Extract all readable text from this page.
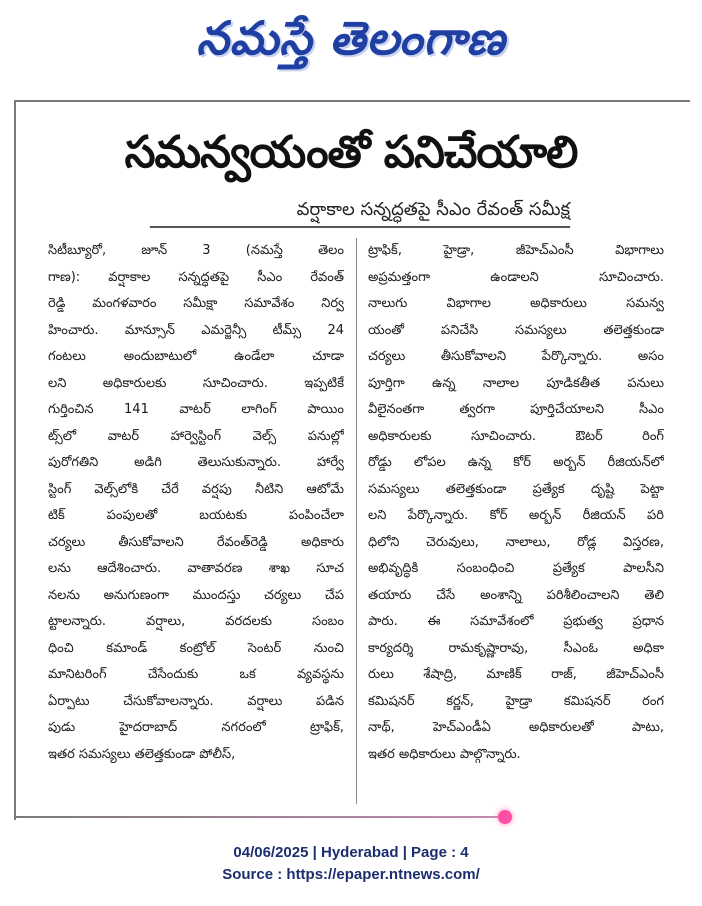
నమస్తే తెలంగాణ
సమన్వయంతో పనిచేయాలి
వర్షాకాల సన్నద్ధతపై సీఎం రేవంత్ సమీక్ష
సిటీబ్యూరో, జూన్ 3 (నమస్తే తెలం
గాణ): వర్షాకాల సన్నద్ధతపై సీఎం రేవంత్
రెడ్డి మంగళవారం సమీక్షా సమావేశం నిర్వ
హించారు. మాన్సూన్ ఎమర్జెన్సీ టీమ్స్ 24
గంటలు అందుబాటులో ఉండేలా చూడా
లని అధికారులకు సూచించారు. ఇప్పటికే
గుర్తించిన 141 వాటర్ లాగింగ్ పాయిం
ట్స్‌లో వాటర్ హార్వెస్టింగ్ వెల్స్ పనుల్లో
పురోగతిని అడిగి తెలుసుకున్నారు. హార్వే
స్టింగ్ వెల్స్‌లోకి చేరే వర్షపు నీటిని ఆటోమే
టిక్ పంపులతో బయటకు పంపించేలా
చర్యలు తీసుకోవాలని రేవంత్‌రెడ్డి అధికారు
లను ఆదేశించారు. వాతావరణ శాఖ సూచ
నలను అనుగుణంగా ముందస్తు చర్యలు చేప
ట్టాలన్నారు. వర్షాలు, వరదలకు సంబం
ధించి కమాండ్ కంట్రోల్ సెంటర్ నుంచి
మానిటరింగ్ చేసేందుకు ఒక వ్యవస్థను
ఏర్పాటు చేసుకోవాలన్నారు. వర్షాలు పడిన
పుడు హైదరాబాద్ నగరంలో ట్రాఫిక్,
ఇతర సమస్యలు తలెత్తకుండా పోలీస్,
ట్రాఫిక్, హైడ్రా, జీహెచ్‌ఎంసీ విభాగాలు
అప్రమత్తంగా ఉండాలని సూచించారు.
నాలుగు విభాగాల అధికారులు సమన్వ
యంతో పనిచేసి సమస్యలు తలెత్తకుండా
చర్యలు తీసుకోవాలని పేర్కొన్నారు. అసం
పూర్తిగా ఉన్న నాలాల పూడికతీత పనులు
వీలైనంతగా త్వరగా పూర్తిచేయాలని సీఎం
అధికారులకు సూచించారు. ఔటర్ రింగ్
రోడ్డు లోపల ఉన్న కోర్ అర్బన్ రీజియన్‌లో
సమస్యలు తలెత్తకుండా ప్రత్యేక దృష్టి పెట్టా
లని పేర్కొన్నారు. కోర్ అర్బన్ రీజియన్ పరి
ధిలోని చెరువులు, నాలాలు, రోడ్ల విస్తరణ,
అభివృద్ధికి సంబంధించి ప్రత్యేక పాలసీని
తయారు చేసే అంశాన్ని పరిశీలించాలని తెలి
పారు. ఈ సమావేశంలో ప్రభుత్వ ప్రధాన
కార్యదర్శి రామకృష్ణారావు, సీఎంఓ అధికా
రులు శేషాద్రి, మాణిక్ రాజ్, జీహెచ్‌ఎంసీ
కమిషనర్ కర్ణన్, హైడ్రా కమిషనర్ రంగ
నాథ్, హెచ్‌ఎండీఏ అధికారులతో పాటు,
ఇతర అధికారులు పాల్గొన్నారు.
04/06/2025 | Hyderabad | Page : 4
Source : https://epaper.ntnews.com/
